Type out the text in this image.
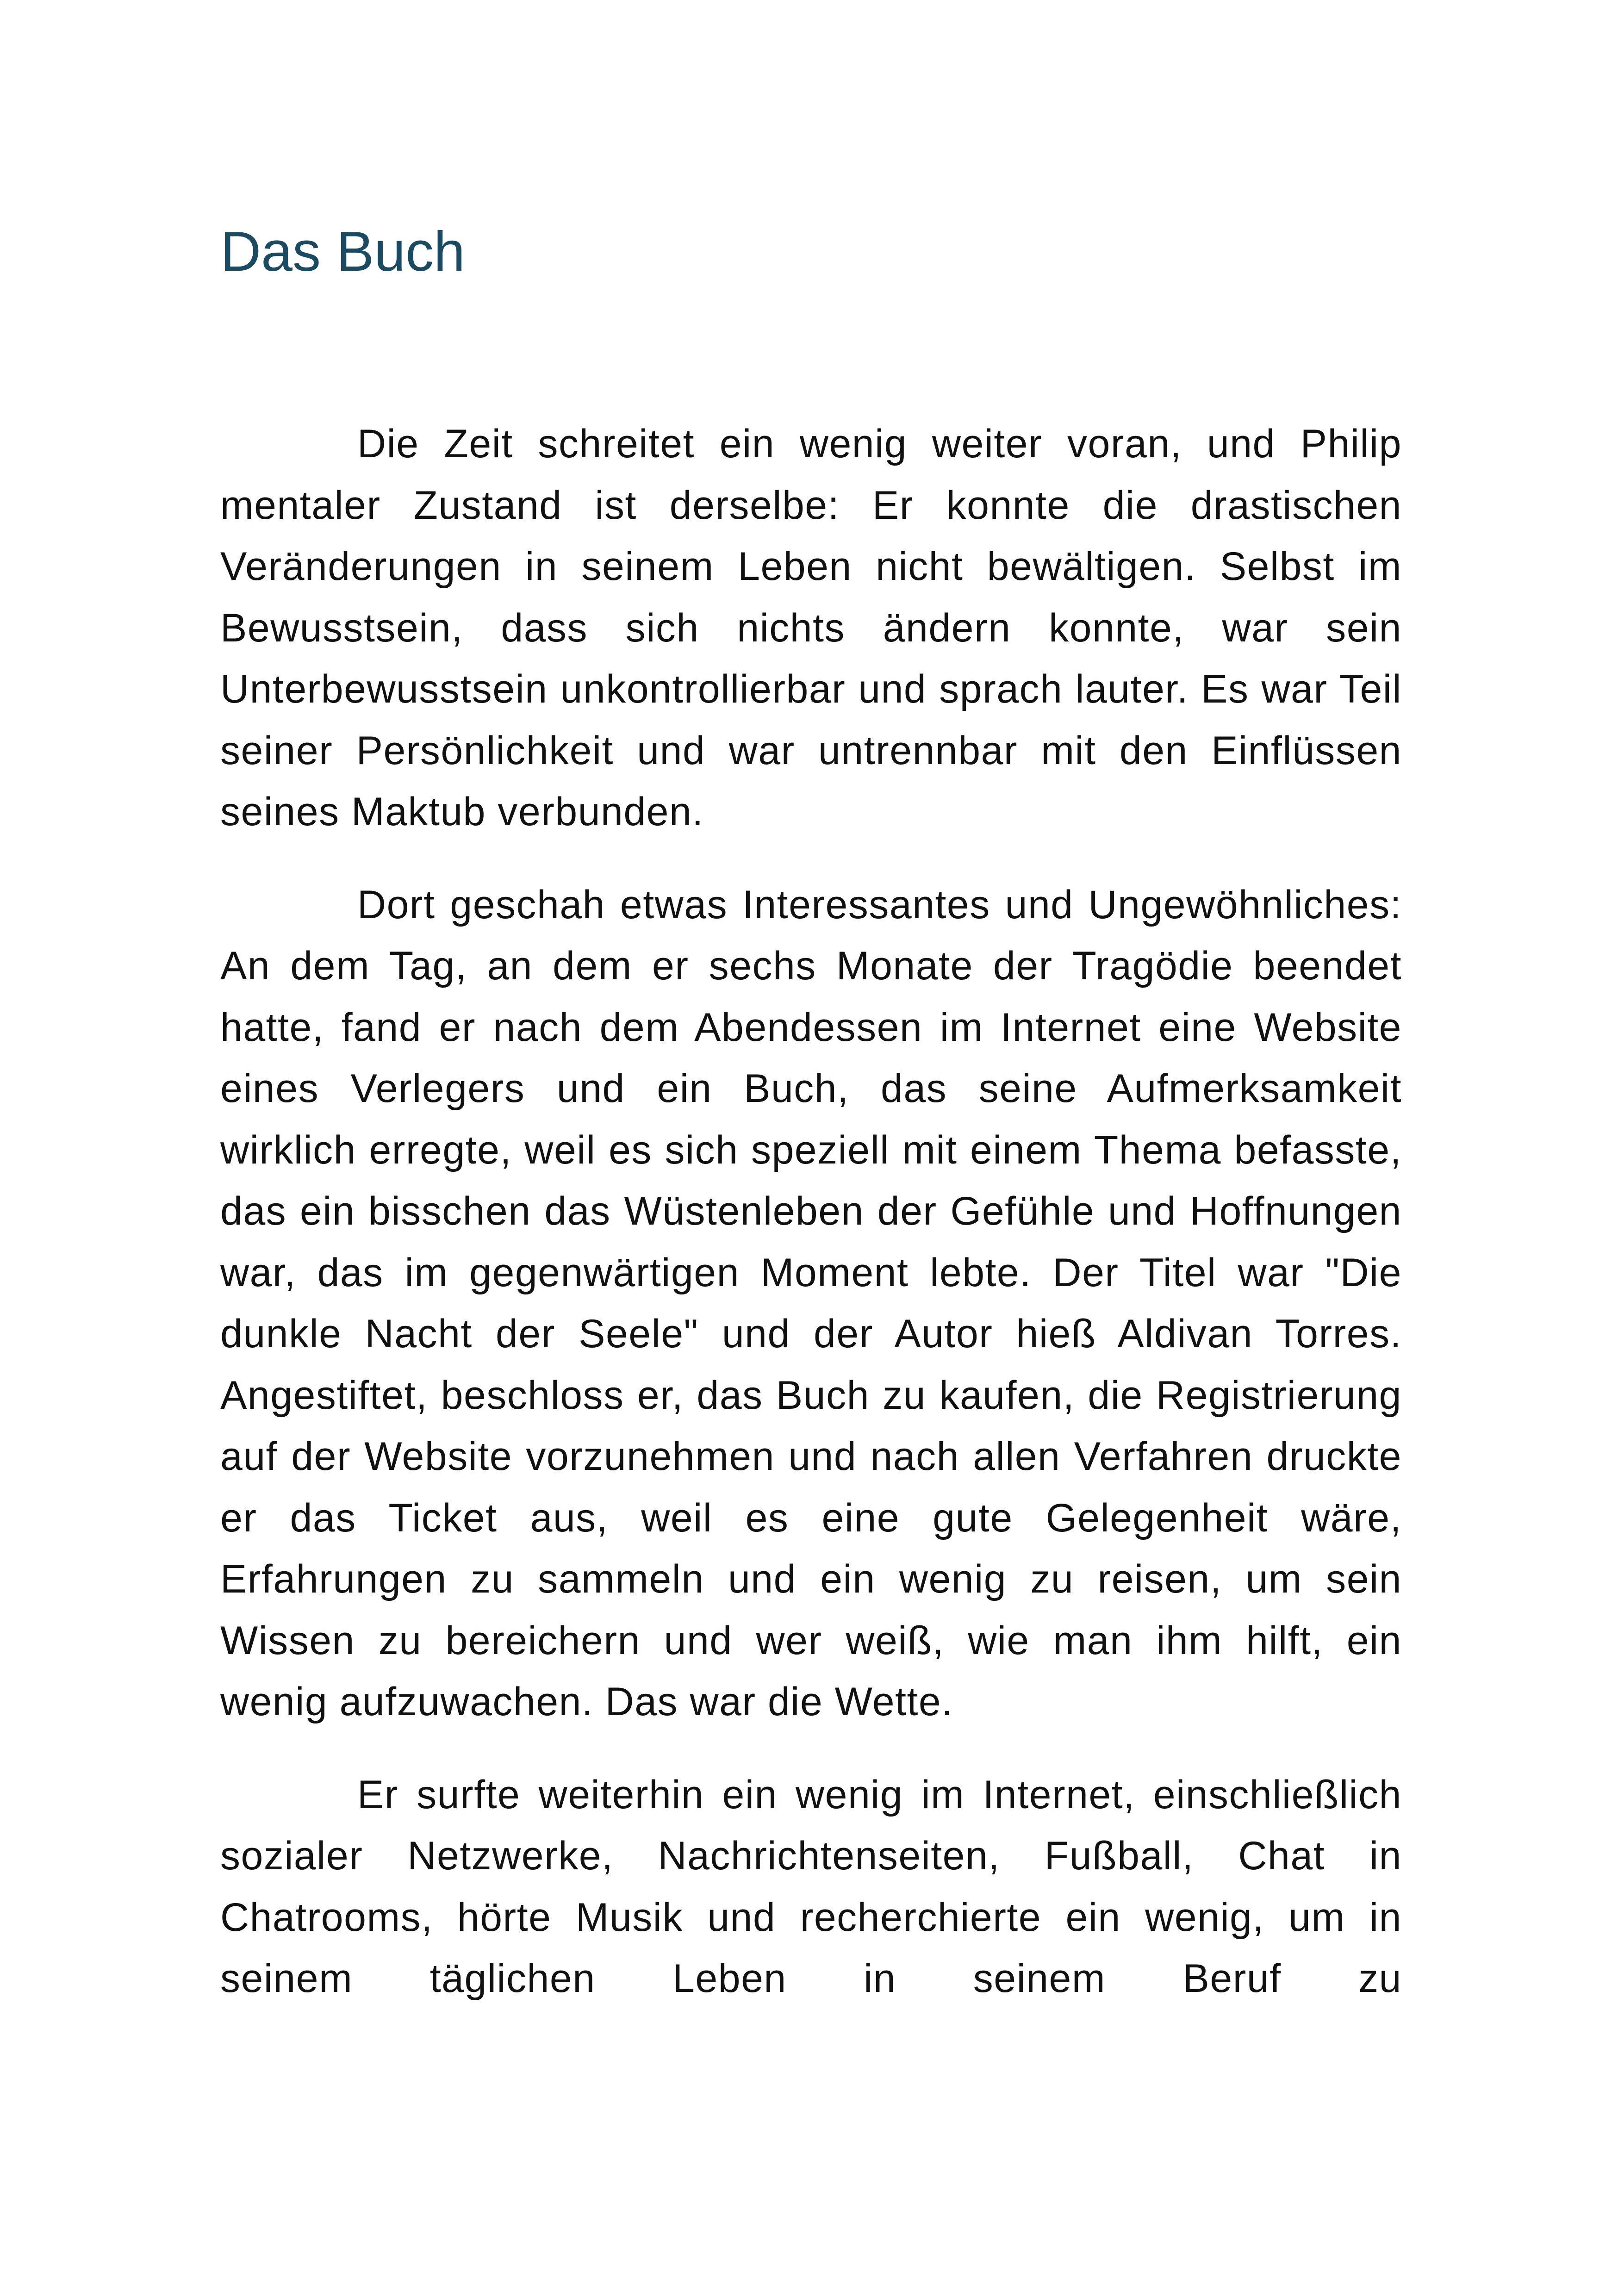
Das Buch

Die Zeit schreitet ein wenig weiter voran, und Philip mentaler Zustand ist derselbe: Er konnte die drastischen Veränderungen in seinem Leben nicht bewältigen. Selbst im Bewusstsein, dass sich nichts ändern konnte, war sein Unterbewusstsein unkontrollierbar und sprach lauter. Es war Teil seiner Persönlichkeit und war untrennbar mit den Einflüssen seines Maktub verbunden.

Dort geschah etwas Interessantes und Ungewöhnliches: An dem Tag, an dem er sechs Monate der Tragödie beendet hatte, fand er nach dem Abendessen im Internet eine Website eines Verlegers und ein Buch, das seine Aufmerksamkeit wirklich erregte, weil es sich speziell mit einem Thema befasste, das ein bisschen das Wüstenleben der Gefühle und Hoffnungen war, das im gegenwärtigen Moment lebte. Der Titel war "Die dunkle Nacht der Seele" und der Autor hieß Aldivan Torres. Angestiftet, beschloss er, das Buch zu kaufen, die Registrierung auf der Website vorzunehmen und nach allen Verfahren druckte er das Ticket aus, weil es eine gute Gelegenheit wäre, Erfahrungen zu sammeln und ein wenig zu reisen, um sein Wissen zu bereichern und wer weiß, wie man ihm hilft, ein wenig aufzuwachen. Das war die Wette.

Er surfte weiterhin ein wenig im Internet, einschließlich sozialer Netzwerke, Nachrichtenseiten, Fußball, Chat in Chatrooms, hörte Musik und recherchierte ein wenig, um in seinem täglichen Leben in seinem Beruf zu
